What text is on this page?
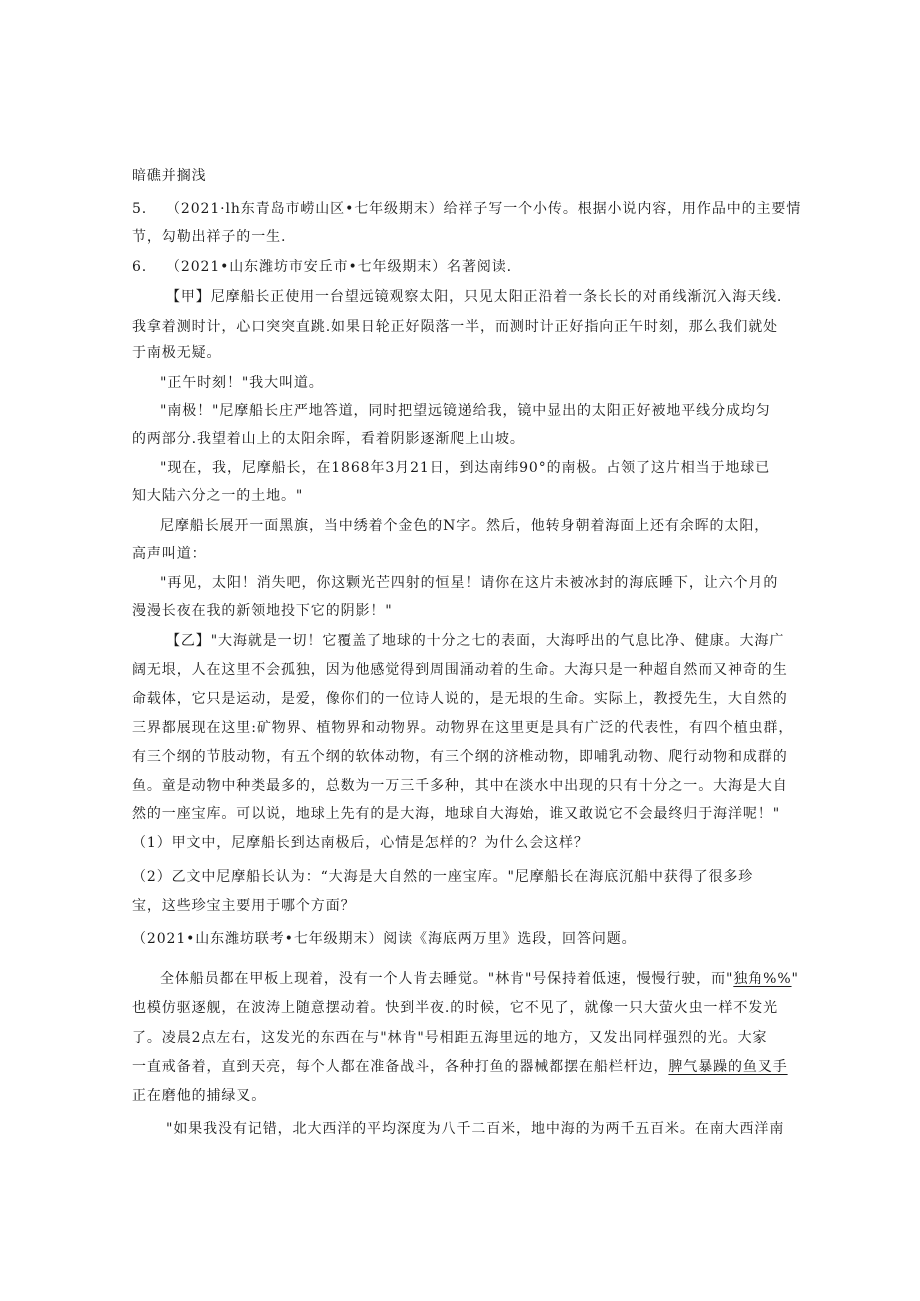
暗礁并搁浅
5. （2021·lh东青岛市崂山区•七年级期末）给祥子写一个小传。根据小说内容，用作品中的主要情
节，勾勒出祥子的一生.
6. （2021•山东潍坊市安丘市•七年级期末）名著阅读.
【甲】尼摩船长正使用一台望远镜观察太阳，只见太阳正沿着一条长长的对甬线渐沉入海天线.
我拿着测时计，心口突突直跳.如果日轮正好陨落一半，而测时计正好指向正午时刻，那么我们就处
于南极无疑。
"正午时刻！"我大叫道。
"南极！"尼摩船长庄严地答道，同时把望远镜递给我，镜中显出的太阳正好被地平线分成均匀
的两部分.我望着山上的太阳余晖，看着阴影逐渐爬上山坡。
"现在，我，尼摩船长，在1868年3月21日，到达南纬90°的南极。占领了这片相当于地球已
知大陆六分之一的土地。"
尼摩船长展开一面黑旗，当中绣着个金色的N字。然后，他转身朝着海面上还有余晖的太阳，
高声叫道：
"再见，太阳！消失吧，你这颗光芒四射的恒星！请你在这片未被冰封的海底睡下，让六个月的
漫漫长夜在我的新领地投下它的阴影！"
【乙】"大海就是一切！它覆盖了地球的十分之七的表面，大海呼出的气息比净、健康。大海广
阔无垠，人在这里不会孤独，因为他感觉得到周围涌动着的生命。大海只是一种超自然而又神奇的生
命载体，它只是运动，是爱，像你们的一位诗人说的，是无垠的生命。实际上，教授先生，大自然的
三界都展现在这里:矿物界、植物界和动物界。动物界在这里更是具有广泛的代表性，有四个植虫群，
有三个纲的节肢动物，有五个纲的软体动物，有三个纲的济椎动物，即哺乳动物、爬行动物和成群的
鱼。童是动物中种类最多的，总数为一万三千多种，其中在淡水中出现的只有十分之一。大海是大自
然的一座宝库。可以说，地球上先有的是大海，地球自大海始，谁又敢说它不会最终归于海洋呢！"
（1）甲文中，尼摩船长到达南极后，心情是怎样的？为什么会这样？
（2）乙文中尼摩船长认为：“大海是大自然的一座宝库。"尼摩船长在海底沉船中获得了很多珍
宝，这些珍宝主要用于哪个方面？
（2021•山东潍坊联考•七年级期末）阅读《海底两万里》选段，回答问题。
全体船员都在甲板上现着，没有一个人肯去睡觉。"林肯"号保持着低速，慢慢行驶，而"独角%%"
也模仿驱逐舰，在波涛上随意摆动着。快到半夜.的时候，它不见了，就像一只大萤火虫一样不发光
了。凌晨2点左右，这发光的东西在与"林肯"号相距五海里远的地方，又发出同样强烈的光。大家
一直戒备着，直到天亮，每个人都在准备战斗，各种打鱼的器械都摆在船栏杆边，脾气暴躁的鱼叉手
正在磨他的捕绿叉。
"如果我没有记错，北大西洋的平均深度为八千二百米，地中海的为两千五百米。在南大西洋南
